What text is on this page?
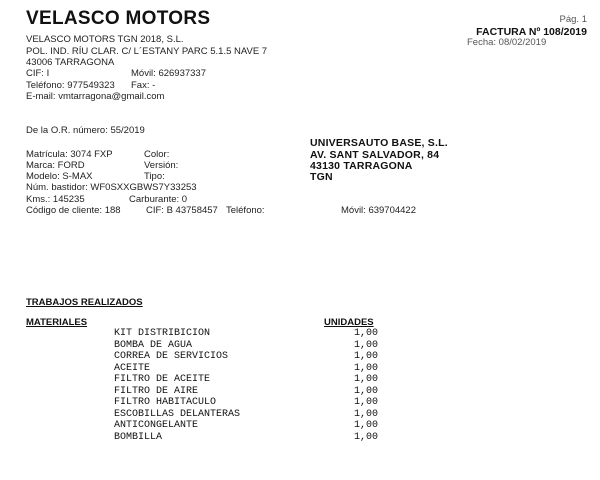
VELASCO MOTORS
VELASCO MOTORS TGN 2018, S.L.
POL. IND. RÍU CLAR. C/ L´ESTANY PARC 5.1.5 NAVE 7
43006 TARRAGONA
CIF: I	Móvil: 626937337
Teléfono: 977549323 Fax: -
E-mail: vmtarragona@gmail.com
Pág. 1
FACTURA Nº 108/2019
Fecha: 08/02/2019
De la O.R. número: 55/2019
Matrícula: 3074 FXP	Color:
Marca: FORD	Versión:
Modelo: S-MAX	Tipo:
Núm. bastidor: WF0SXXGBWS7Y33253
Kms.: 145235	Carburante: 0
Código de cliente: 188	CIF: B 43758457 Teléfono:	Móvil: 639704422
UNIVERSAUTO BASE, S.L.
AV. SANT SALVADOR, 84
43130 TARRAGONA
TGN
TRABAJOS REALIZADOS
MATERIALES	UNIDADES
KIT DISTRIBICION	1,00
BOMBA DE AGUA	1,00
CORREA DE SERVICIOS	1,00
ACEITE	1,00
FILTRO DE ACEITE	1,00
FILTRO DE AIRE	1,00
FILTRO HABITACULO	1,00
ESCOBILLAS DELANTERAS	1,00
ANTICONGELANTE	1,00
BOMBILLA	1,00
